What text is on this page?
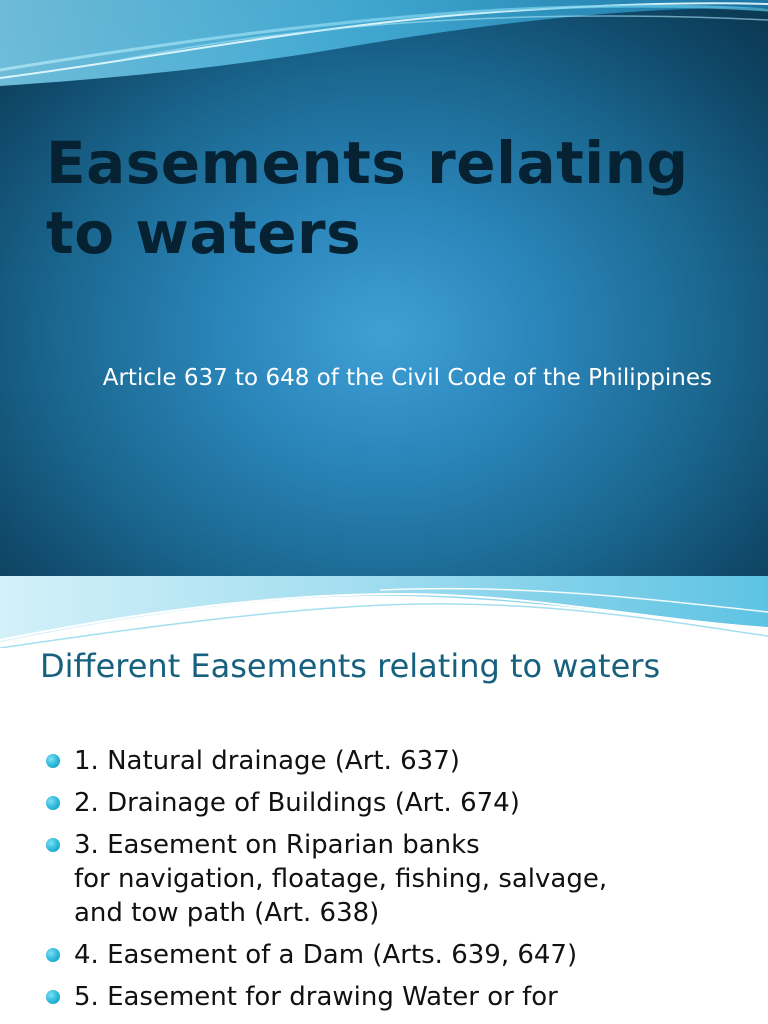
Easements relating to waters

Article 637 to 648 of the Civil Code of the Philippines

Different Easements relating to waters
1. Natural drainage (Art. 637)
2. Drainage of Buildings (Art. 674)
3. Easement on Riparian banks
for navigation, floatage, fishing, salvage,
and tow path (Art. 638)
4. Easement of a Dam (Arts. 639, 647)
5. Easement for drawing Water or for
